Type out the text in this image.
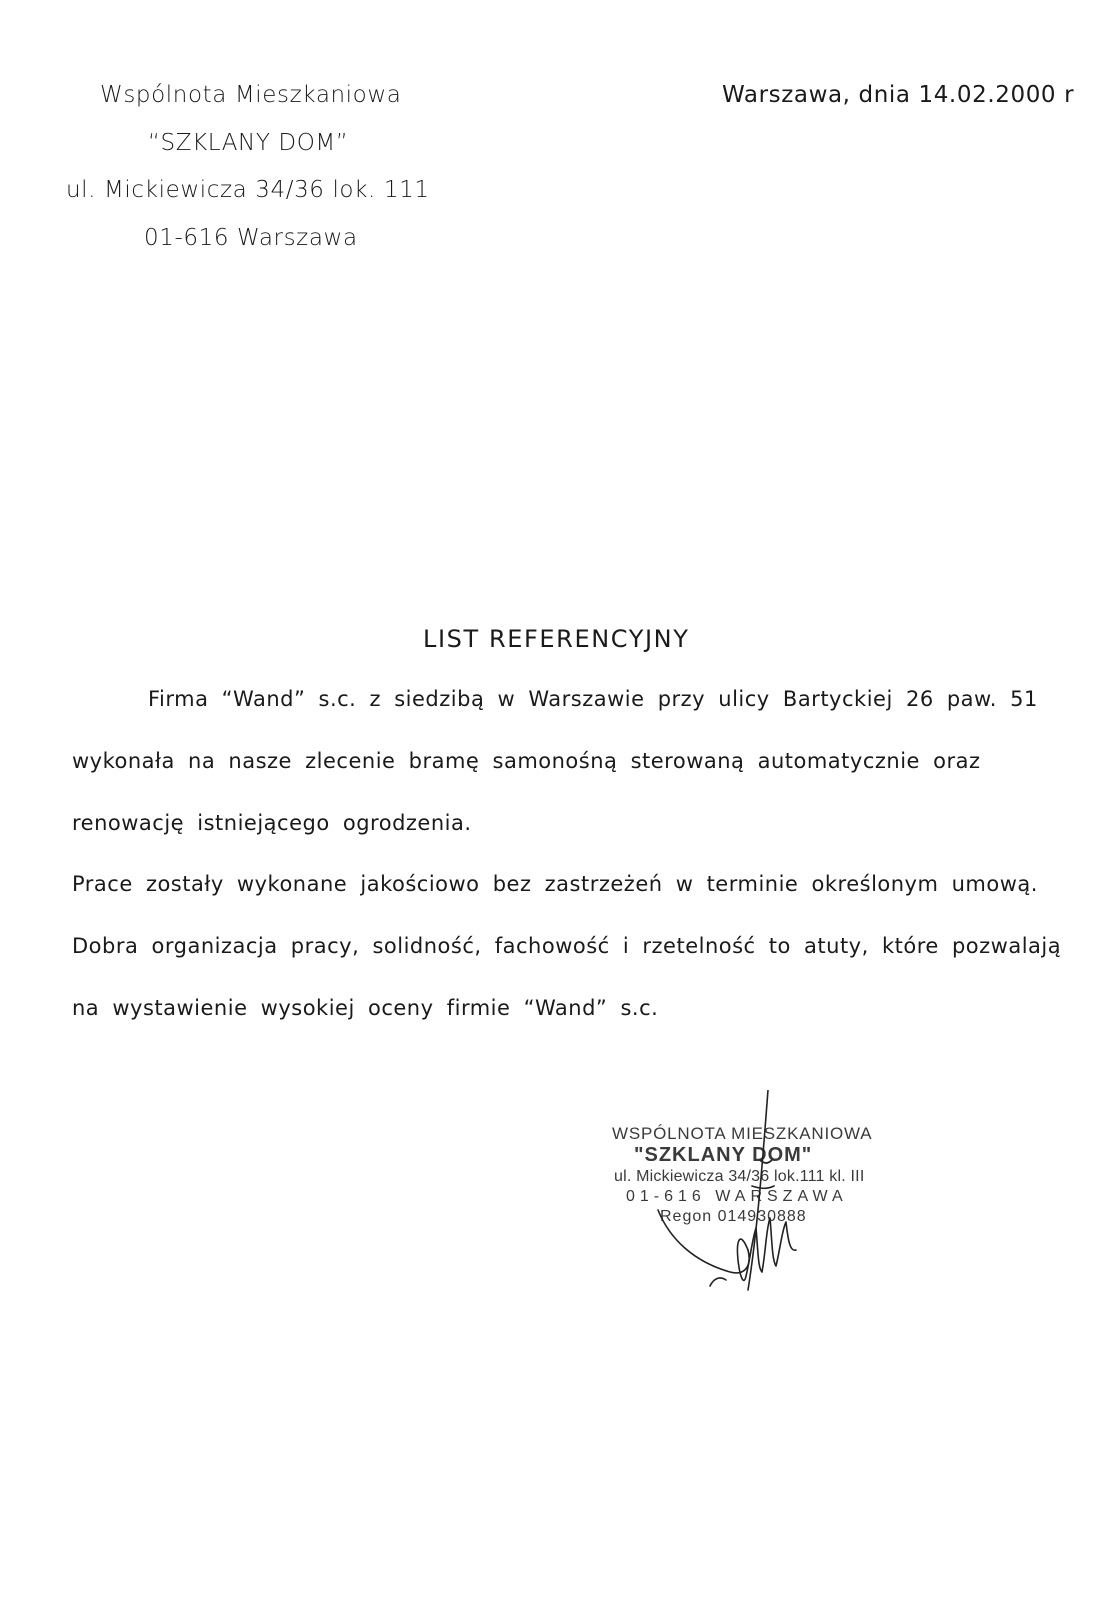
Wspólnota Mieszkaniowa
“SZKLANY DOM”
ul. Mickiewicza 34/36 lok. 111
01-616 Warszawa
Warszawa, dnia 14.02.2000 r
LIST REFERENCYJNY
Firma “Wand” s.c. z siedzibą w Warszawie przy ulicy Bartyckiej 26 paw. 51
wykonała na nasze zlecenie bramę samonośną sterowaną automatycznie oraz
renowację istniejącego ogrodzenia.
Prace zostały wykonane jakościowo bez zastrzeżeń w terminie określonym umową.
Dobra organizacja pracy, solidność, fachowość i rzetelność to atuty, które pozwalają
na wystawienie wysokiej oceny firmie “Wand” s.c.
WSPÓLNOTA MIESZKANIOWA
"SZKLANY DOM"
ul. Mickiewicza 34/36 lok.111 kl. III
01-616 WARSZAWA
Regon 014930888
